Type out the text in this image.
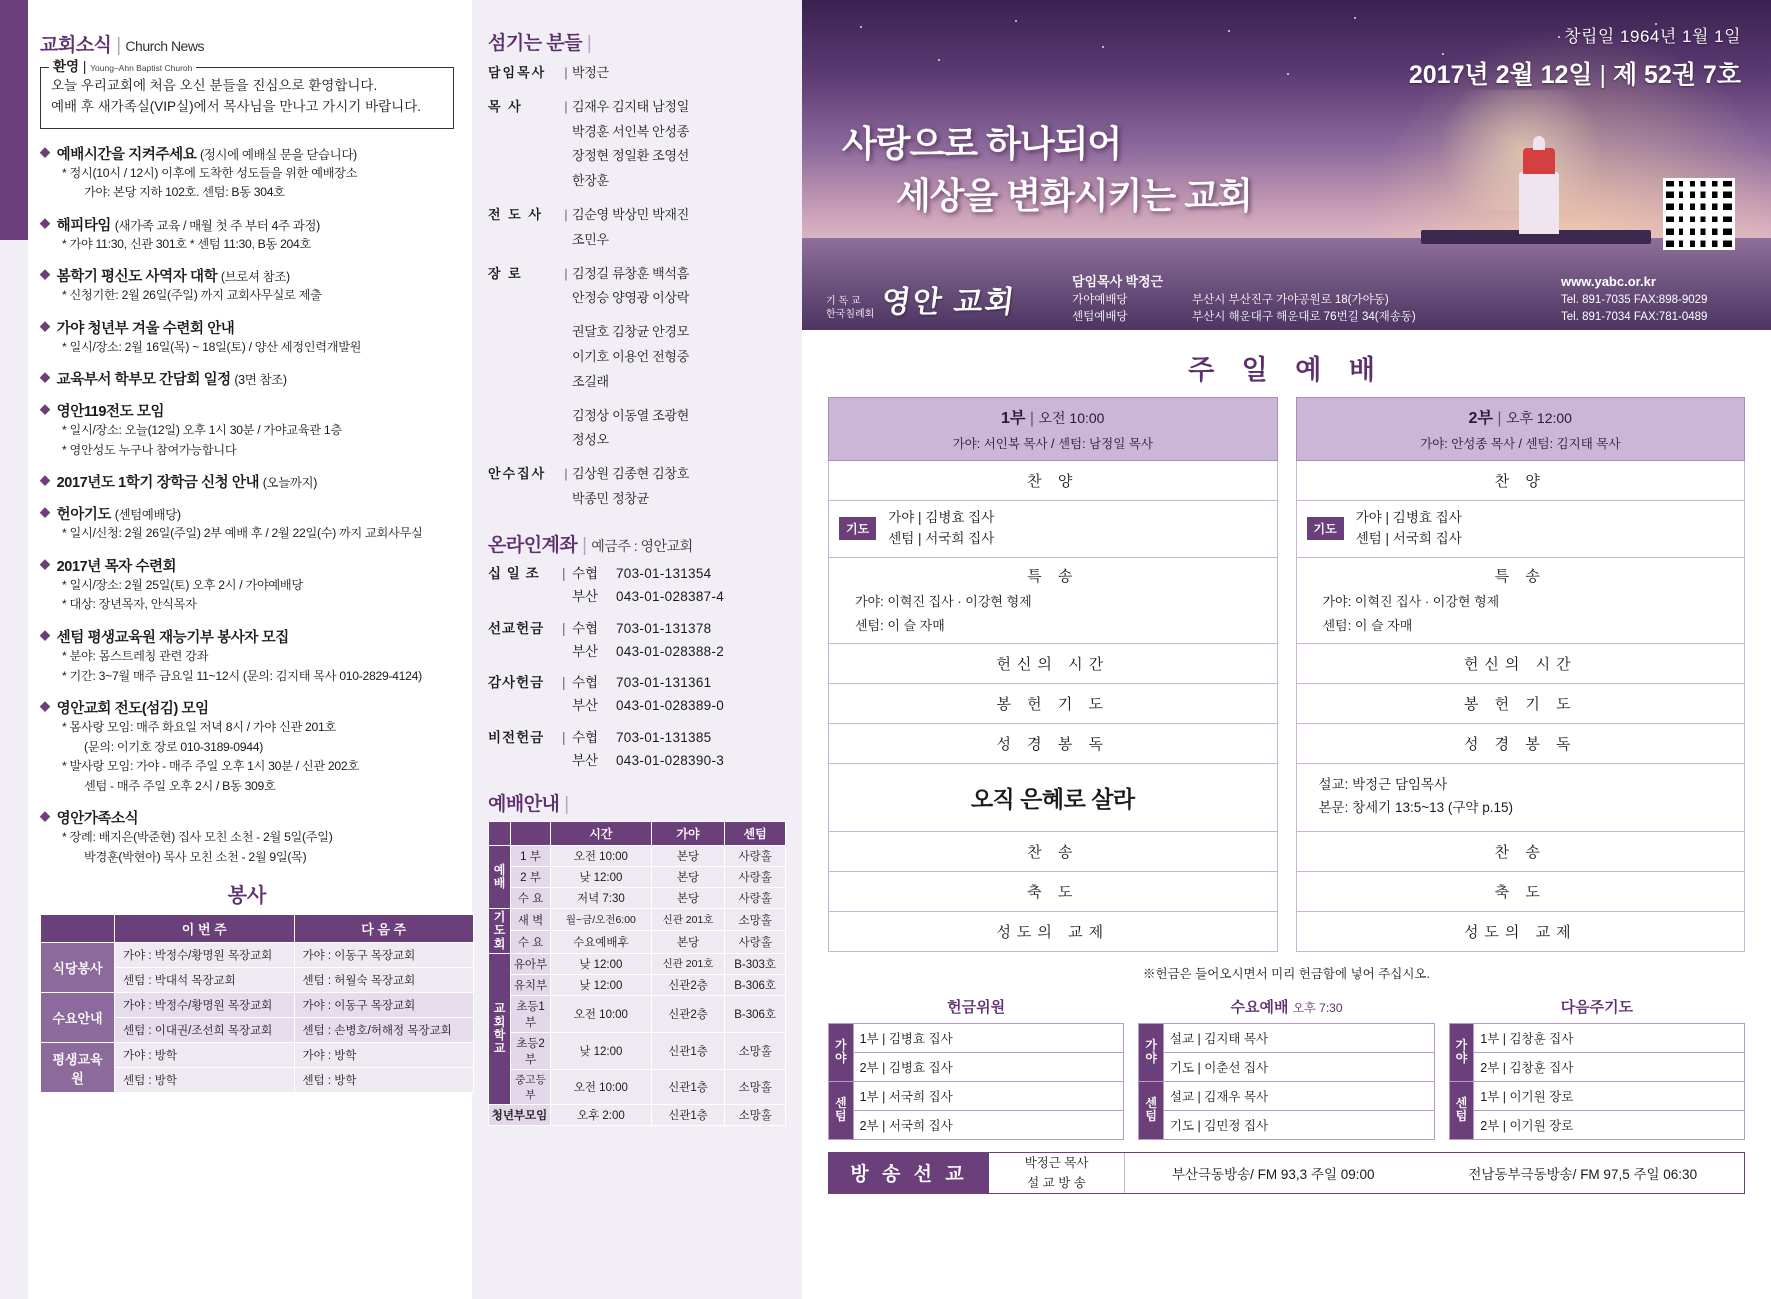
교회소식 | Church News
환영 | Young–Ahn Baptist Churoh
오늘 우리교회에 처음 오신 분들을 진심으로 환영합니다.
예배 후 새가족실(VIP실)에서 목사님을 만나고 가시기 바랍니다.
◆ 예배시간을 지켜주세요 (정시에 예배실 문을 닫습니다)
* 정시(10시 / 12시) 이후에 도착한 성도들을 위한 예배장소
가야: 본당 지하 102호. 센텀: B동 304호
◆ 해피타임 (새가족 교육 / 매월 첫 주 부터 4주 과정)
* 가야 11:30, 신관 301호 * 센텀 11:30, B동 204호
◆ 봄학기 평신도 사역자 대학 (브로셔 참조)
* 신청기한: 2월 26일(주일) 까지 교회사무실로 제출
◆ 가야 청년부 겨울 수련회 안내
* 일시/장소: 2월 16일(목) ~ 18일(토) / 양산 세정인력개발원
◆ 교육부서 학부모 간담회 일정 (3면 참조)
◆ 영안119전도 모임
* 일시/장소: 오늘(12일) 오후 1시 30분 / 가야교육관 1층
* 영안성도 누구나 참여가능합니다
◆ 2017년도 1학기 장학금 신청 안내 (오늘까지)
◆ 헌아기도 (센텀예배당)
* 일시/신청: 2월 26일(주일) 2부 예배 후 / 2월 22일(수) 까지 교회사무실
◆ 2017년 목자 수련회
* 일시/장소: 2월 25일(토) 오후 2시 / 가야예배당
* 대상: 장년목자, 안식목자
◆ 센텀 평생교육원 재능기부 봉사자 모집
* 분야: 몸스트레칭 관련 강좌
* 기간: 3~7월 매주 금요일 11~12시 (문의: 김지태 목사 010-2829-4124)
◆ 영안교회 전도(섬김) 모임
* 몸사랑 모임: 매주 화요일 저녁 8시 / 가야 신관 201호
(문의: 이기호 장로 010-3189-0944)
* 발사랑 모임: 가야 - 매주 주일 오후 1시 30분 / 신관 202호
센텀 - 매주 주일 오후 2시 / B동 309호
◆ 영안가족소식
* 장례: 배지은(박준현) 집사 모친 소천 - 2월 5일(주일)
박경훈(박현아) 목사 모친 소천 - 2월 9일(목)
봉사
	이 번 주	다 음 주
식당봉사	가야 : 박정수/황명원 목장교회	가야 : 이동구 목장교회
	센텀 : 박대석 목장교회	센텀 : 허월숙 목장교회
수요안내	가야 : 박정수/황명원 목장교회	가야 : 이동구 목장교회
	센텀 : 이대권/조선희 목장교회	센텀 : 손병호/허해정 목장교회
평생교육원	가야 : 방학	가야 : 방학
	센텀 : 방학	센텀 : 방학
섬기는 분들 |
담임목사	|	박정근

목 사	|	김재우 김지태 남정일
		박경훈 서인복 안성종
		장정현 정일환 조영선
		한장훈

전 도 사	|	김순영 박상민 박재진
		조민우

장 로	|	김정길 류창훈 백석흠
		안정승 양영광 이상락

		권달호 김창균 안경모
		이기호 이용언 전형중
		조길래

		김정상 이동열 조광현
		정성오

안수집사	|	김상원 김종현 김창호
		박종민 정창균
온라인계좌 | 예금주 : 영안교회
십 일 조	|	수협	703-01-131354
		부산	043-01-028387-4

선교헌금	|	수협	703-01-131378
		부산	043-01-028388-2

감사헌금	|	수협	703-01-131361
		부산	043-01-028389-0

비전헌금	|	수협	703-01-131385
		부산	043-01-028390-3
예배안내 |
		시간	가야	센텀
예배	1 부	오전 10:00	본당	사랑홀
	2 부	낮 12:00	본당	사랑홀
	수 요	저녁 7:30	본당	사랑홀
기도회	새 벽	월~금/오전6:00	신관 201호	소망홀
	수 요	수요예배후	본당	사랑홀
교회학교	유아부	낮 12:00	신관 201호	B-303호
	유치부	낮 12:00	신관2층	B-306호
	초등1부	오전 10:00	신관2층	B-306호
	초등2부	낮 12:00	신관1층	소망홀
	중고등부	오전 10:00	신관1층	소망홀
청년부모임		오후 2:00	신관1층	소망홀
창립일 1964년 1월 1일
2017년 2월 12일 | 제 52권 7호
사랑으로 하나되어
세상을 변화시키는 교회
기 독 교
한국침례회 영안 교회
담임목사 박정근	www.yabc.or.kr
가야예배당	부산시 부산진구 가야공원로 18(가야동)	Tel. 891-7035 FAX:898-9029
센텀예배당	부산시 해운대구 해운대로 76번길 34(재송동)	Tel. 891-7034 FAX:781-0489
주 일 예 배
1부 | 오전 10:00
가야: 서인복 목사 / 센텀: 남정일 목사
찬 양
기도
가야 | 김병효 집사
센텀 | 서국희 집사
특 송
가야: 이혁진 집사 · 이강현 형제
센텀: 이 슬 자매
헌신의 시간
봉 헌 기 도
성 경 봉 독
오직 은혜로 살라
찬 송
축 도
성도의 교제
2부 | 오후 12:00
가야: 안성종 목사 / 센텀: 김지태 목사
찬 양
기도
가야 | 김병효 집사
센텀 | 서국희 집사
특 송
가야: 이혁진 집사 · 이강현 형제
센텀: 이 슬 자매
헌신의 시간
봉 헌 기 도
성 경 봉 독
설교: 박정근 담임목사
본문: 창세기 13:5~13 (구약 p.15)
찬 송
축 도
성도의 교제
※헌금은 들어오시면서 미리 헌금함에 넣어 주십시오.
헌금위원
가야	1부 | 김병효 집사
	2부 | 김병효 집사
센텀	1부 | 서국희 집사
	2부 | 서국희 집사
수요예배 오후 7:30
가야	설교 | 김지태 목사
	기도 | 이춘선 집사
센텀	설교 | 김재우 목사
	기도 | 김민정 집사
다음주기도
가야	1부 | 김창훈 집사
	2부 | 김창훈 집사
센텀	1부 | 이기원 장로
	2부 | 이기원 장로
방 송 선 교
박정근 목사
설 교 방 송
부산극동방송/ FM 93,3 주일 09:00	전남동부극동방송/ FM 97,5 주일 06:30
